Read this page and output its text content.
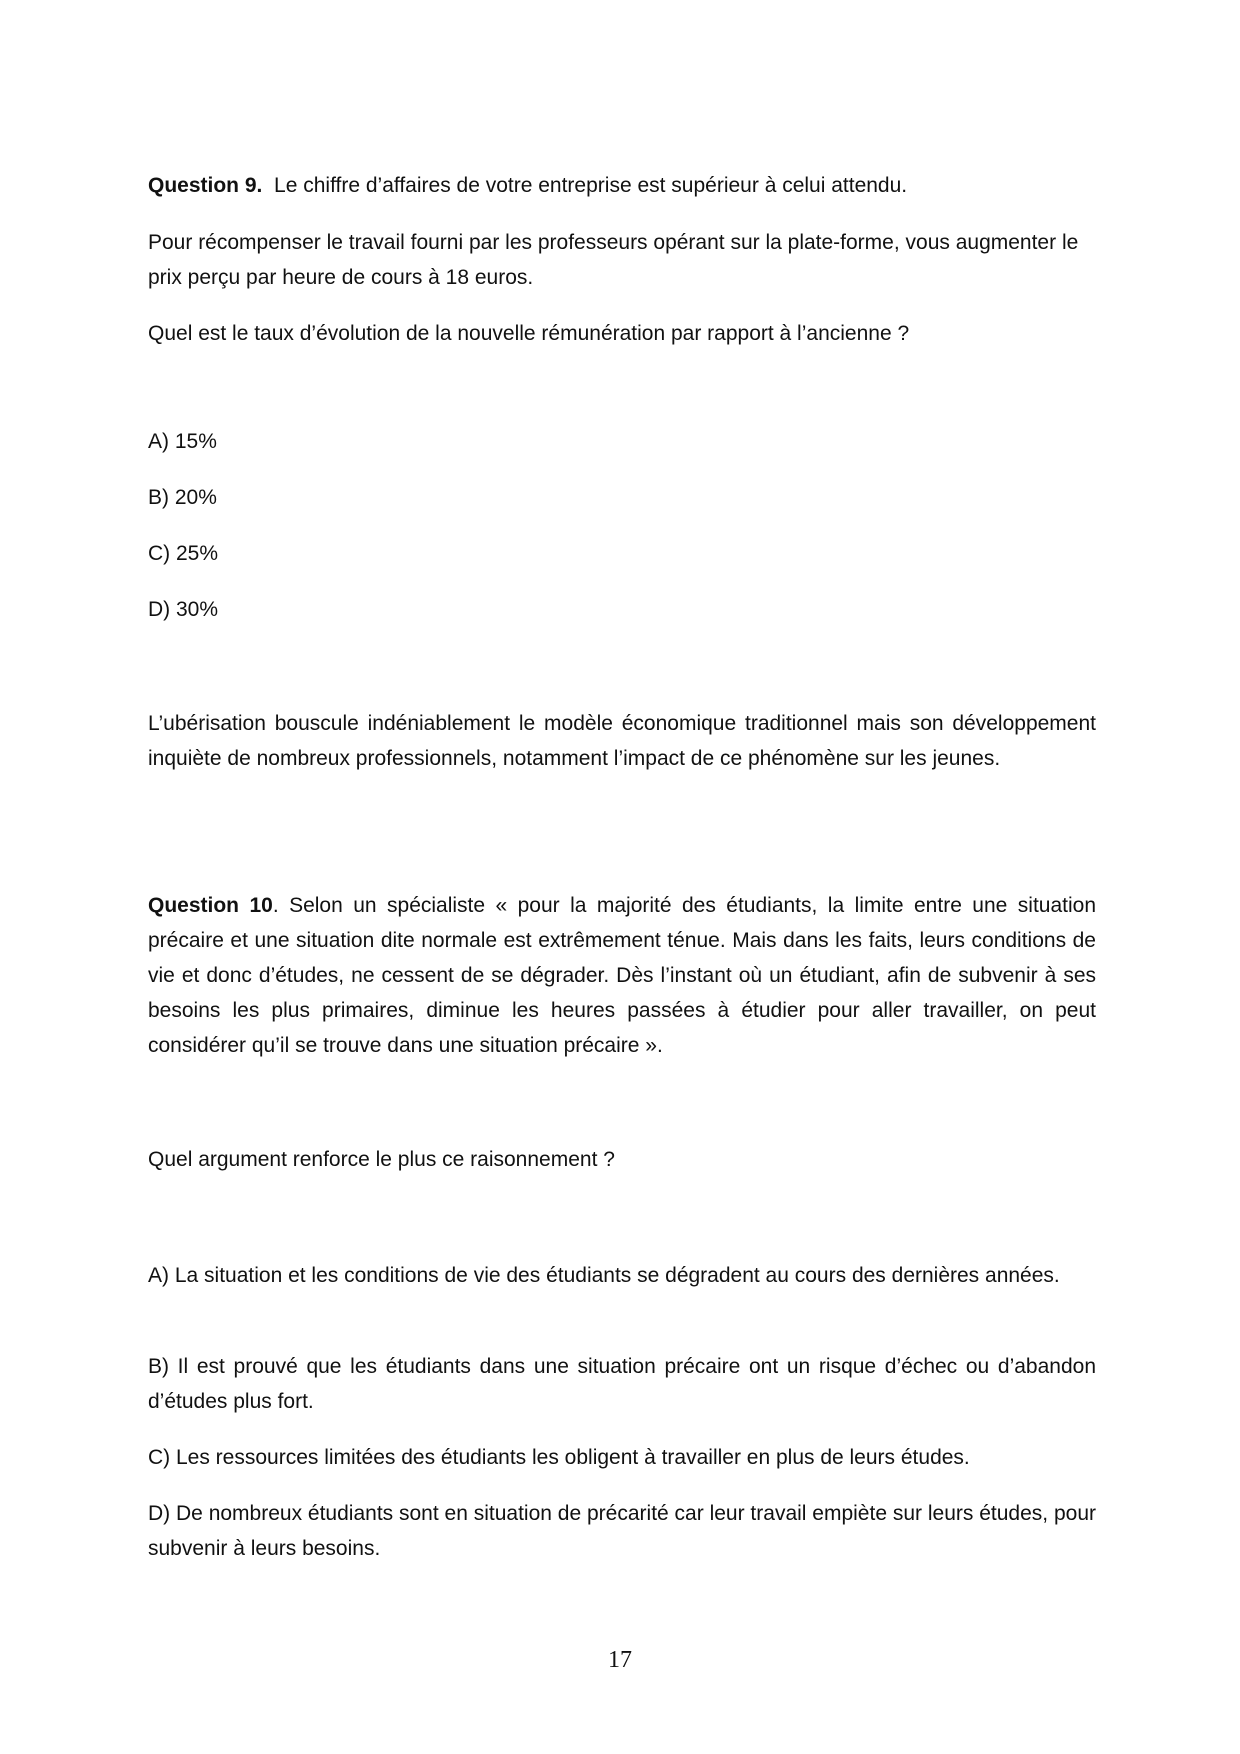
Question 9. Le chiffre d’affaires de votre entreprise est supérieur à celui attendu.

Pour récompenser le travail fourni par les professeurs opérant sur la plate-forme, vous augmenter le prix perçu par heure de cours à 18 euros.

Quel est le taux d’évolution de la nouvelle rémunération par rapport à l’ancienne ?

A) 15%

B) 20%

C) 25%

D) 30%

L’ubérisation bouscule indéniablement le modèle économique traditionnel mais son développement inquiète de nombreux professionnels, notamment l’impact de ce phénomène sur les jeunes.

Question 10. Selon un spécialiste « pour la majorité des étudiants, la limite entre une situation précaire et une situation dite normale est extrêmement ténue. Mais dans les faits, leurs conditions de vie et donc d’études, ne cessent de se dégrader. Dès l’instant où un étudiant, afin de subvenir à ses besoins les plus primaires, diminue les heures passées à étudier pour aller travailler, on peut considérer qu’il se trouve dans une situation précaire ».

Quel argument renforce le plus ce raisonnement ?

A) La situation et les conditions de vie des étudiants se dégradent au cours des dernières années.

B) Il est prouvé que les étudiants dans une situation précaire ont un risque d’échec ou d’abandon d’études plus fort.

C) Les ressources limitées des étudiants les obligent à travailler en plus de leurs études.

D) De nombreux étudiants sont en situation de précarité car leur travail empiète sur leurs études, pour subvenir à leurs besoins.

17
